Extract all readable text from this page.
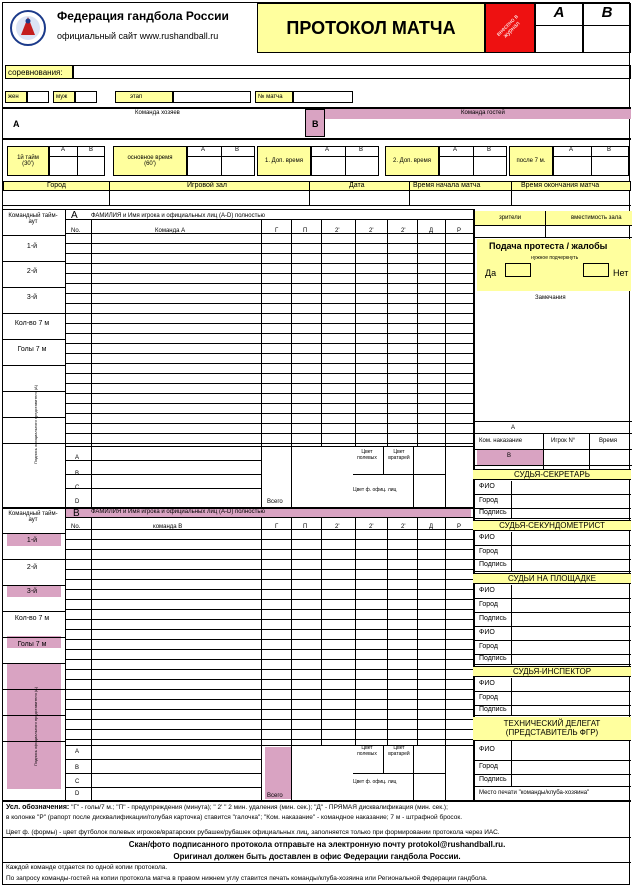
Федерация гандбола России
официальный сайт www.rushandball.ru	ПРОТОКОЛ МАТЧА	внесено в журнал
A B
соревнования:
жен	муж	этап	№ матча
A
Команда хозяев
B
Команда гостей
1й тайм
(30')
основное время
(60')	1. Доп. время	2. Доп. время	после 7 м.
A	B	A	B	A	B	A	B	A	B
Город	Игровой зал	Дата	Время начала матча	Время окончания матча
Командный тайм-аут
A ФАМИЛИЯ и Имя игрока и официальных лиц (A-D) полностью
No.	Команда A	Г	П	2'	2'	2'	Д	Р
1-й
2-й
3-й
Кол-во 7 м
Голы 7 м
Подпись официального представителя (A)	A
B
C
D	Всего
Цвет полевых
Цвет вратарей
Цвет ф. офиц. лиц
Командный тайм-аут
B ФАМИЛИЯ и Имя игрока и официальных лиц (A-D) полностью
No.	команда B	Г	П	2'	2'	2'	Д	Р
1-й
2-й
3-й
Кол-во 7 м
Голы 7 м
Подпись официального представителя (A)	A
B
C
D	Всего
Цвет полевых
Цвет вратарей
Цвет ф. офиц. лиц
зрители	вместимость зала
Подача протеста / жалобы
нужное подчеркнуть
Да	Нет
Замечания
A
Ком. наказание	Игрок N°	Время
B
СУДЬЯ-СЕКРЕТАРЬ
ФИО
Город
Подпись
СУДЬЯ-СЕКУНДОМЕТРИСТ
ФИО
Город
Подпись
СУДЬИ НА ПЛОЩАДКЕ
ФИО
Город
Подпись
ФИО
Город
Подпись
СУДЬЯ-ИНСПЕКТОР
ФИО
Город
Подпись
ТЕХНИЧЕСКИЙ ДЕЛЕГАТ (ПРЕДСТАВИТЕЛЬ ФГР)
ФИО
Город
Подпись
Место печати "команды/клуба-хозяина"
Усл. обозначения: "Г" - голы/7 м.; "П" - предупреждения (минута); " 2' " 2 мин. удаления (мин. сек.); "Д" - ПРЯМАЯ дисквалификация (мин. сек.);
в колонке "Р" (рапорт после дисквалификации/голубая карточка) ставится "галочка"; "Ком. наказание" - командное наказание; 7 м - штрафной бросок.
Цвет ф. (формы) - цвет футболок полевых игроков/вратарских рубашек/рубашек официальных лиц, заполняется только при формировании протокола через ИАС.
Скан/фото подписанного протокола отправьте на электронную почту protokol@rushandball.ru.
Оригинал должен быть доставлен в офис Федерации гандбола России.
Каждой команде отдается по одной копии протокола.
По запросу команды-гостей на копии протокола матча в правом нижнем углу ставится печать команды/клуба-хозяина или Региональной Федерации гандбола.
